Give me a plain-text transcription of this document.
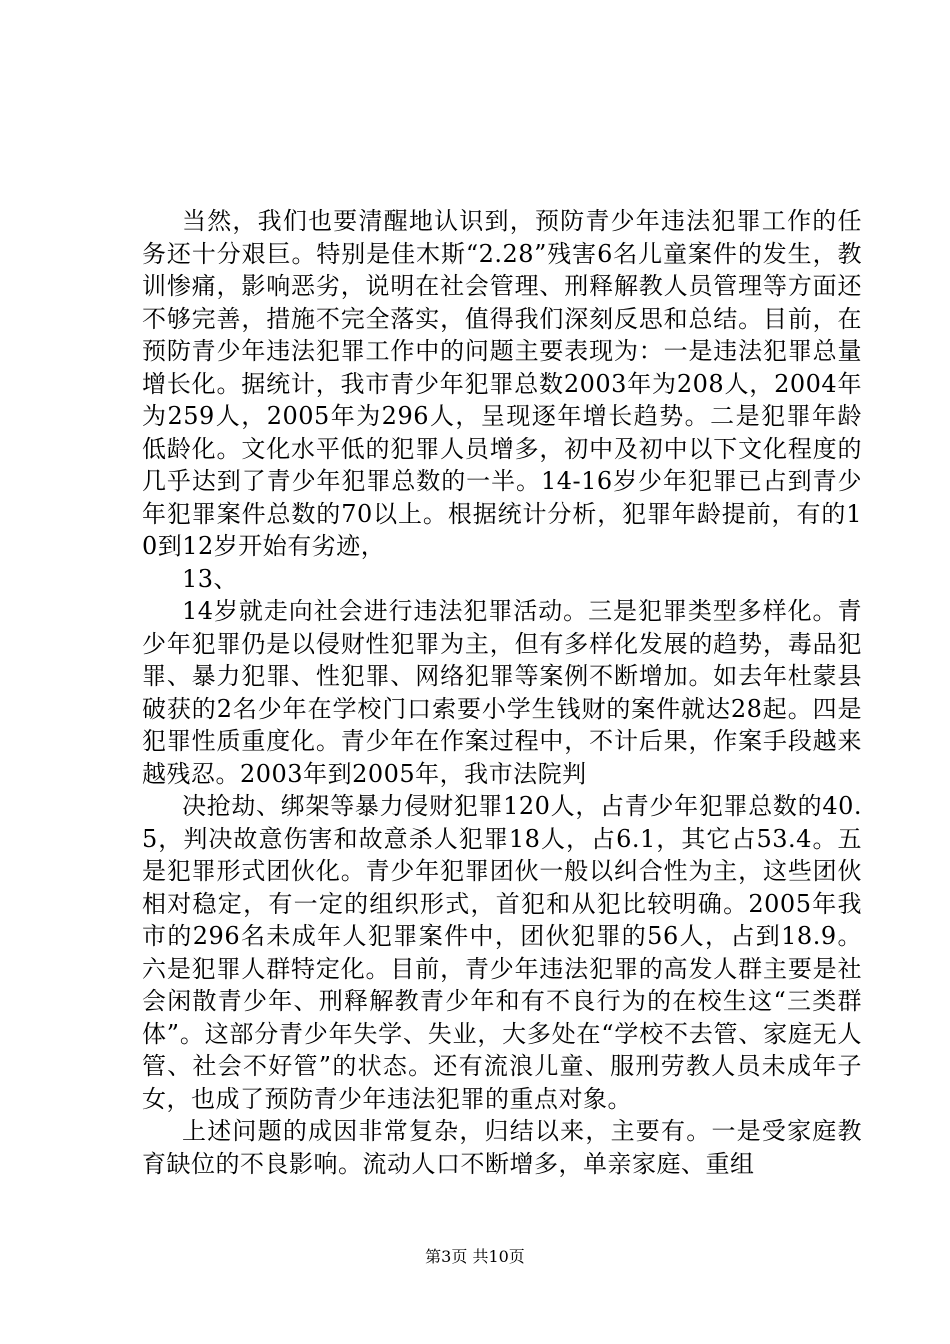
当然，我们也要清醒地认识到，预防青少年违法犯罪工作的任务还十分艰巨。特别是佳木斯“2.28”残害6名儿童案件的发生，教训惨痛，影响恶劣，说明在社会管理、刑释解教人员管理等方面还不够完善，措施不完全落实，值得我们深刻反思和总结。目前，在预防青少年违法犯罪工作中的问题主要表现为：一是违法犯罪总量增长化。据统计，我市青少年犯罪总数2003年为208人，2004年为259人，2005年为296人，呈现逐年增长趋势。二是犯罪年龄低龄化。文化水平低的犯罪人员增多，初中及初中以下文化程度的几乎达到了青少年犯罪总数的一半。14-16岁少年犯罪已占到青少年犯罪案件总数的70以上。根据统计分析，犯罪年龄提前，有的10到12岁开始有劣迹，

13、

14岁就走向社会进行违法犯罪活动。三是犯罪类型多样化。青少年犯罪仍是以侵财性犯罪为主，但有多样化发展的趋势，毒品犯罪、暴力犯罪、性犯罪、网络犯罪等案例不断增加。如去年杜蒙县破获的2名少年在学校门口索要小学生钱财的案件就达28起。四是犯罪性质重度化。青少年在作案过程中，不计后果，作案手段越来越残忍。2003年到2005年，我市法院判

决抢劫、绑架等暴力侵财犯罪120人，占青少年犯罪总数的40.5，判决故意伤害和故意杀人犯罪18人，占6.1，其它占53.4。五是犯罪形式团伙化。青少年犯罪团伙一般以纠合性为主，这些团伙相对稳定，有一定的组织形式，首犯和从犯比较明确。2005年我市的296名未成年人犯罪案件中，团伙犯罪的56人，占到18.9。六是犯罪人群特定化。目前，青少年违法犯罪的高发人群主要是社会闲散青少年、刑释解教青少年和有不良行为的在校生这“三类群体”。这部分青少年失学、失业，大多处在“学校不去管、家庭无人管、社会不好管”的状态。还有流浪儿童、服刑劳教人员未成年子女，也成了预防青少年违法犯罪的重点对象。

上述问题的成因非常复杂，归结以来，主要有。一是受家庭教育缺位的不良影响。流动人口不断增多，单亲家庭、重组

第3页 共10页
